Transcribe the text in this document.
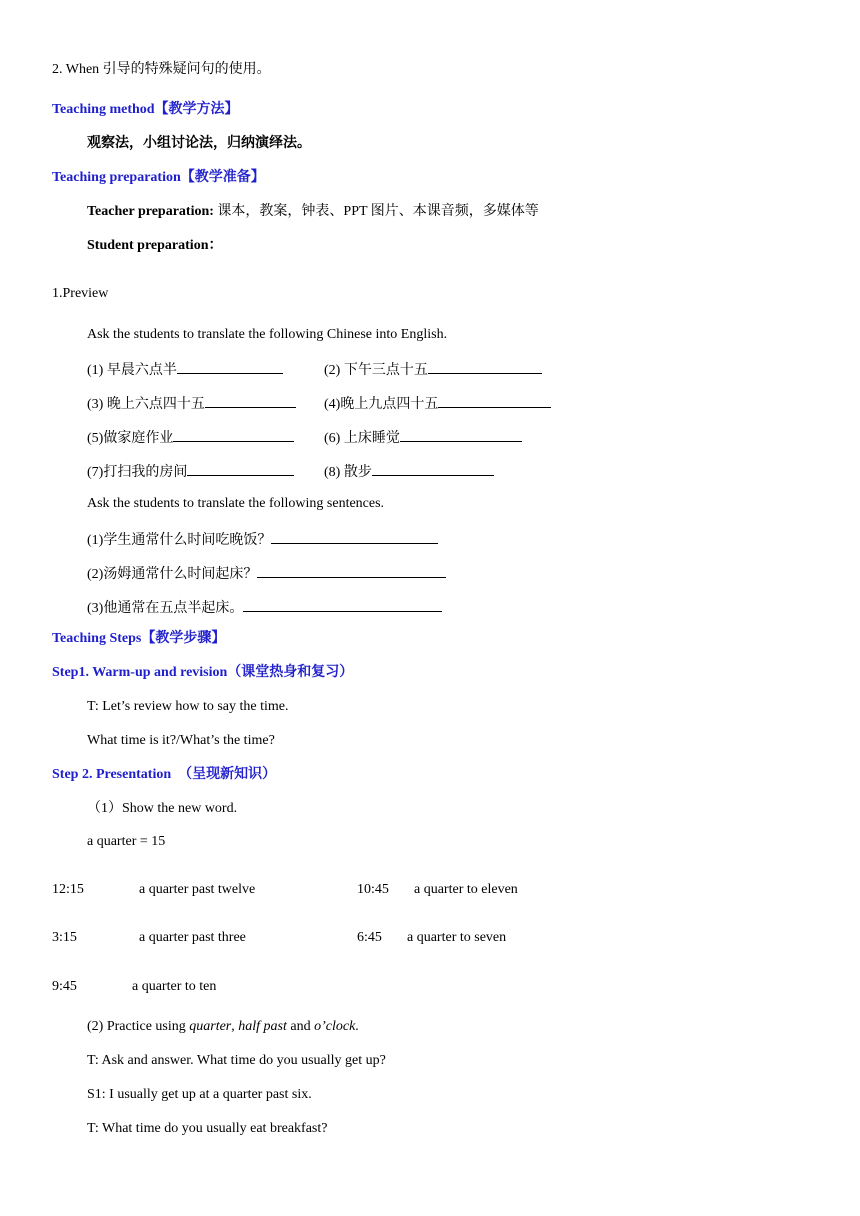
2. When 引导的特殊疑问句的使用。
Teaching method【教学方法】
观察法，小组讨论法，归纳演绎法。
Teaching preparation【教学准备】
Teacher preparation: 课本，教案，钟表、PPT 图片、本课音频，多媒体等
Student preparation：
1.Preview
Ask the students to translate the following Chinese into English.
(1) 早晨六点半	(2) 下午三点十五
(3) 晚上六点四十五	(4)晚上九点四十五
(5)做家庭作业	(6) 上床睡觉
(7)打扫我的房间	(8) 散步
Ask the students to translate the following sentences.
(1)学生通常什么时间吃晚饭？
(2)汤姆通常什么时间起床？
(3)他通常在五点半起床。
Teaching Steps【教学步骤】
Step1. Warm-up and revision（课堂热身和复习）
T: Let’s review how to say the time.
What time is it?/What’s the time?
Step 2. Presentation　（呈现新知识）
（1）Show the new word.
a quarter = 15
12:15	a quarter past twelve	10:45 a quarter to eleven
3:15	a quarter past three	6:45 a quarter to seven
9:45	a quarter to ten
(2) Practice using quarter, half past and o’clock.
T: Ask and answer. What time do you usually get up?
S1: I usually get up at a quarter past six.
T: What time do you usually eat breakfast?
